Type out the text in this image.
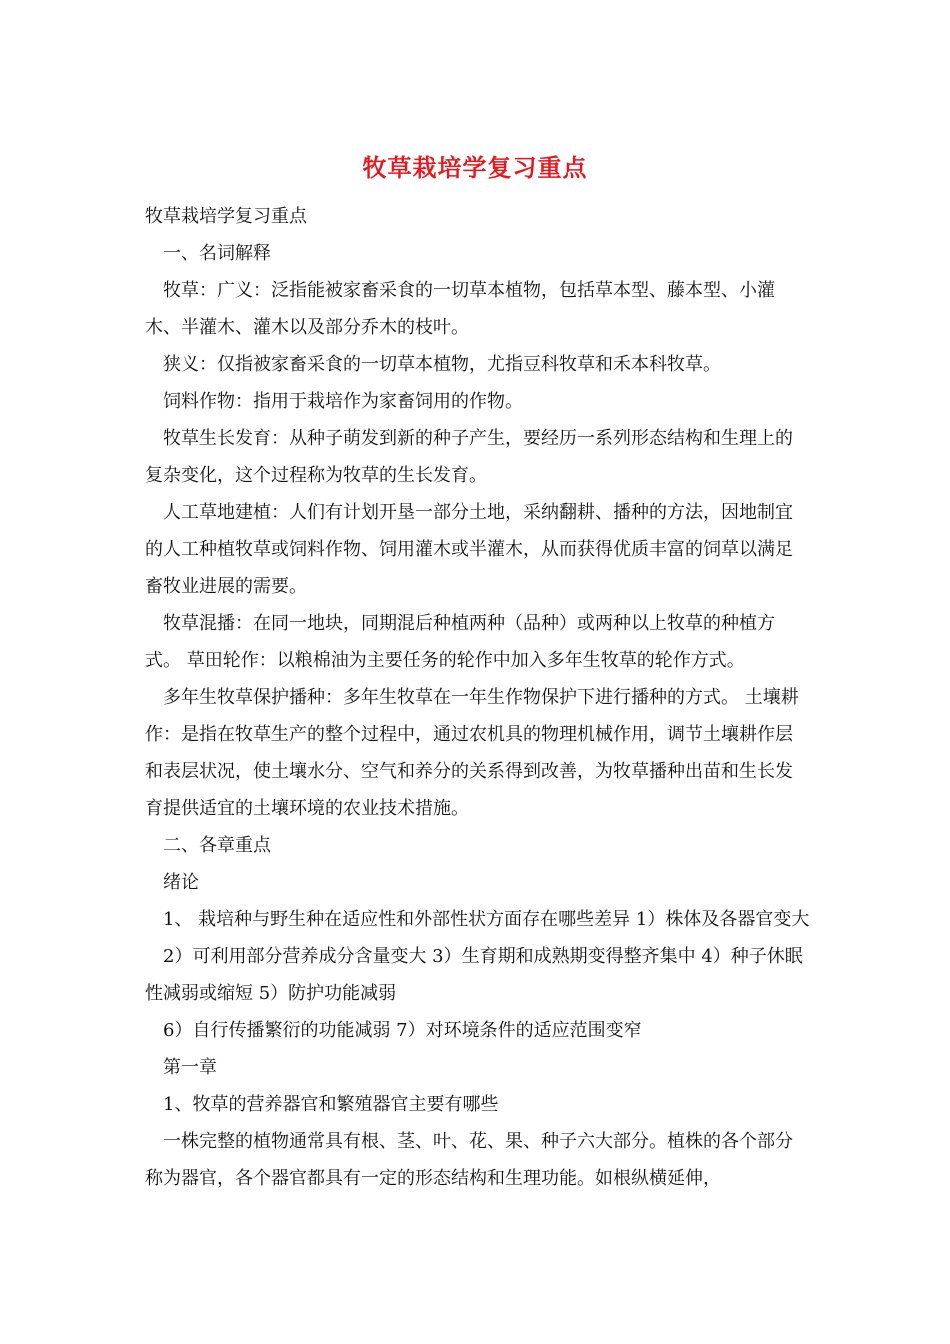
牧草栽培学复习重点

牧草栽培学复习重点

一、名词解释

牧草：广义：泛指能被家畜采食的一切草本植物，包括草本型、藤本型、小灌木、半灌木、灌木以及部分乔木的枝叶。

狭义：仅指被家畜采食的一切草本植物，尤指豆科牧草和禾本科牧草。

饲料作物：指用于栽培作为家畜饲用的作物。

牧草生长发育：从种子萌发到新的种子产生，要经历一系列形态结构和生理上的复杂变化，这个过程称为牧草的生长发育。

人工草地建植：人们有计划开垦一部分土地，采纳翻耕、播种的方法，因地制宜的人工种植牧草或饲料作物、饲用灌木或半灌木，从而获得优质丰富的饲草以满足畜牧业进展的需要。

牧草混播：在同一地块，同期混后种植两种（品种）或两种以上牧草的种植方式。 草田轮作：以粮棉油为主要任务的轮作中加入多年生牧草的轮作方式。

多年生牧草保护播种：多年生牧草在一年生作物保护下进行播种的方式。 土壤耕作：是指在牧草生产的整个过程中，通过农机具的物理机械作用，调节土壤耕作层和表层状况，使土壤水分、空气和养分的关系得到改善，为牧草播种出苗和生长发育提供适宜的土壤环境的农业技术措施。

二、各章重点

绪论

1、 栽培种与野生种在适应性和外部性状方面存在哪些差异 1）株体及各器官变大

2）可利用部分营养成分含量变大 3）生育期和成熟期变得整齐集中 4）种子休眠性减弱或缩短 5）防护功能减弱

6）自行传播繁衍的功能减弱 7）对环境条件的适应范围变窄

第一章

1、牧草的营养器官和繁殖器官主要有哪些

一株完整的植物通常具有根、茎、叶、花、果、种子六大部分。植株的各个部分称为器官，各个器官都具有一定的形态结构和生理功能。如根纵横延伸，
